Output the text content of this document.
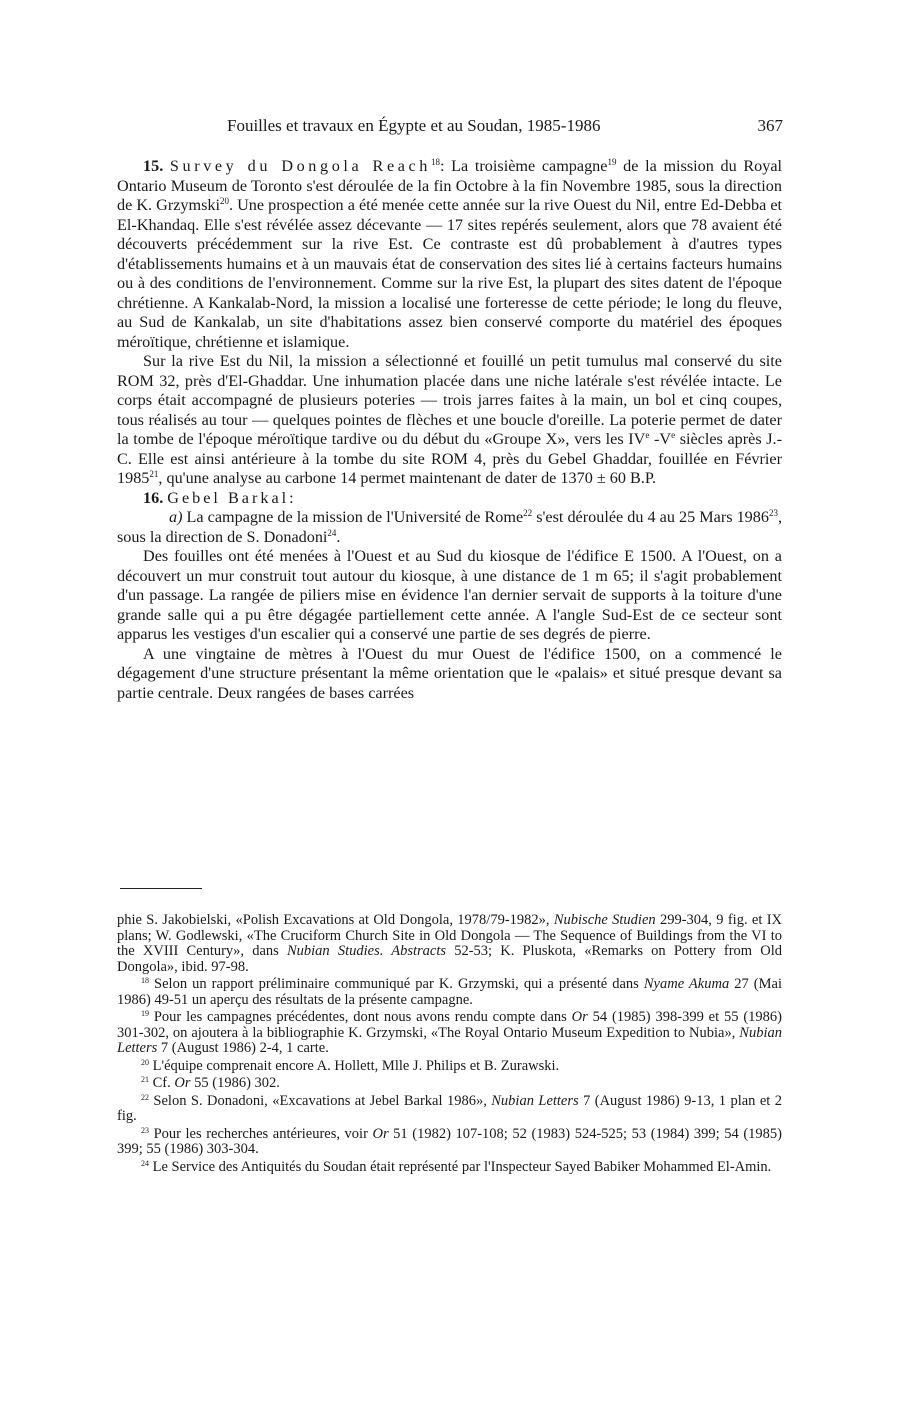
Fouilles et travaux en Égypte et au Soudan, 1985-1986	367

15. Survey du Dongola Reach$^{18}$: La troisième campagne$^{19}$ de la mission du Royal Ontario Museum de Toronto s'est déroulée de la fin Octobre à la fin Novembre 1985, sous la direction de K. Grzymski$^{20}$. Une prospection a été menée cette année sur la rive Ouest du Nil, entre Ed-Debba et El-Khandaq. Elle s'est révélée assez décevante — 17 sites repérés seulement, alors que 78 avaient été découverts précédemment sur la rive Est. Ce contraste est dû probablement à d'autres types d'établissements humains et à un mauvais état de conservation des sites lié à certains facteurs humains ou à des conditions de l'environnement. Comme sur la rive Est, la plupart des sites datent de l'époque chrétienne. A Kankalab-Nord, la mission a localisé une forteresse de cette période; le long du fleuve, au Sud de Kankalab, un site d'habitations assez bien conservé comporte du matériel des époques méroïtique, chrétienne et islamique.

Sur la rive Est du Nil, la mission a sélectionné et fouillé un petit tumulus mal conservé du site ROM 32, près d'El-Ghaddar. Une inhumation placée dans une niche latérale s'est révélée intacte. Le corps était accompagné de plusieurs poteries — trois jarres faites à la main, un bol et cinq coupes, tous réalisés au tour — quelques pointes de flèches et une boucle d'oreille. La poterie permet de dater la tombe de l'époque méroïtique tardive ou du début du «Groupe X», vers les IVe -Ve siècles après J.-C. Elle est ainsi antérieure à la tombe du site ROM 4, près du Gebel Ghaddar, fouillée en Février 1985$^{21}$, qu'une analyse au carbone 14 permet maintenant de dater de 1370 ± 60 B.P.

16. Gebel Barkal:

a) La campagne de la mission de l'Université de Rome$^{22}$ s'est déroulée du 4 au 25 Mars 1986$^{23}$, sous la direction de S. Donadoni$^{24}$.

Des fouilles ont été menées à l'Ouest et au Sud du kiosque de l'édifice E 1500. A l'Ouest, on a découvert un mur construit tout autour du kiosque, à une distance de 1 m 65; il s'agit probablement d'un passage. La rangée de piliers mise en évidence l'an dernier servait de supports à la toiture d'une grande salle qui a pu être dégagée partiellement cette année. A l'angle Sud-Est de ce secteur sont apparus les vestiges d'un escalier qui a conservé une partie de ses degrés de pierre.

A une vingtaine de mètres à l'Ouest du mur Ouest de l'édifice 1500, on a commencé le dégagement d'une structure présentant la même orientation que le «palais» et situé presque devant sa partie centrale. Deux rangées de bases carrées

phie S. Jakobielski, «Polish Excavations at Old Dongola, 1978/79-1982», Nubische Studien 299-304, 9 fig. et IX plans; W. Godlewski, «The Cruciform Church Site in Old Dongola — The Sequence of Buildings from the VI to the XVIII Century», dans Nubian Studies. Abstracts 52-53; K. Pluskota, «Remarks on Pottery from Old Dongola», ibid. 97-98.

$^{18}$ Selon un rapport préliminaire communiqué par K. Grzymski, qui a présenté dans Nyame Akuma 27 (Mai 1986) 49-51 un aperçu des résultats de la présente campagne.

$^{19}$ Pour les campagnes précédentes, dont nous avons rendu compte dans Or 54 (1985) 398-399 et 55 (1986) 301-302, on ajoutera à la bibliographie K. Grzymski, «The Royal Ontario Museum Expedition to Nubia», Nubian Letters 7 (August 1986) 2-4, 1 carte.

$^{20}$ L'équipe comprenait encore A. Hollett, Mlle J. Philips et B. Zurawski.

$^{21}$ Cf. Or 55 (1986) 302.

$^{22}$ Selon S. Donadoni, «Excavations at Jebel Barkal 1986», Nubian Letters 7 (August 1986) 9-13, 1 plan et 2 fig.

$^{23}$ Pour les recherches antérieures, voir Or 51 (1982) 107-108; 52 (1983) 524-525; 53 (1984) 399; 54 (1985) 399; 55 (1986) 303-304.

$^{24}$ Le Service des Antiquités du Soudan était représenté par l'Inspecteur Sayed Babiker Mohammed El-Amin.
